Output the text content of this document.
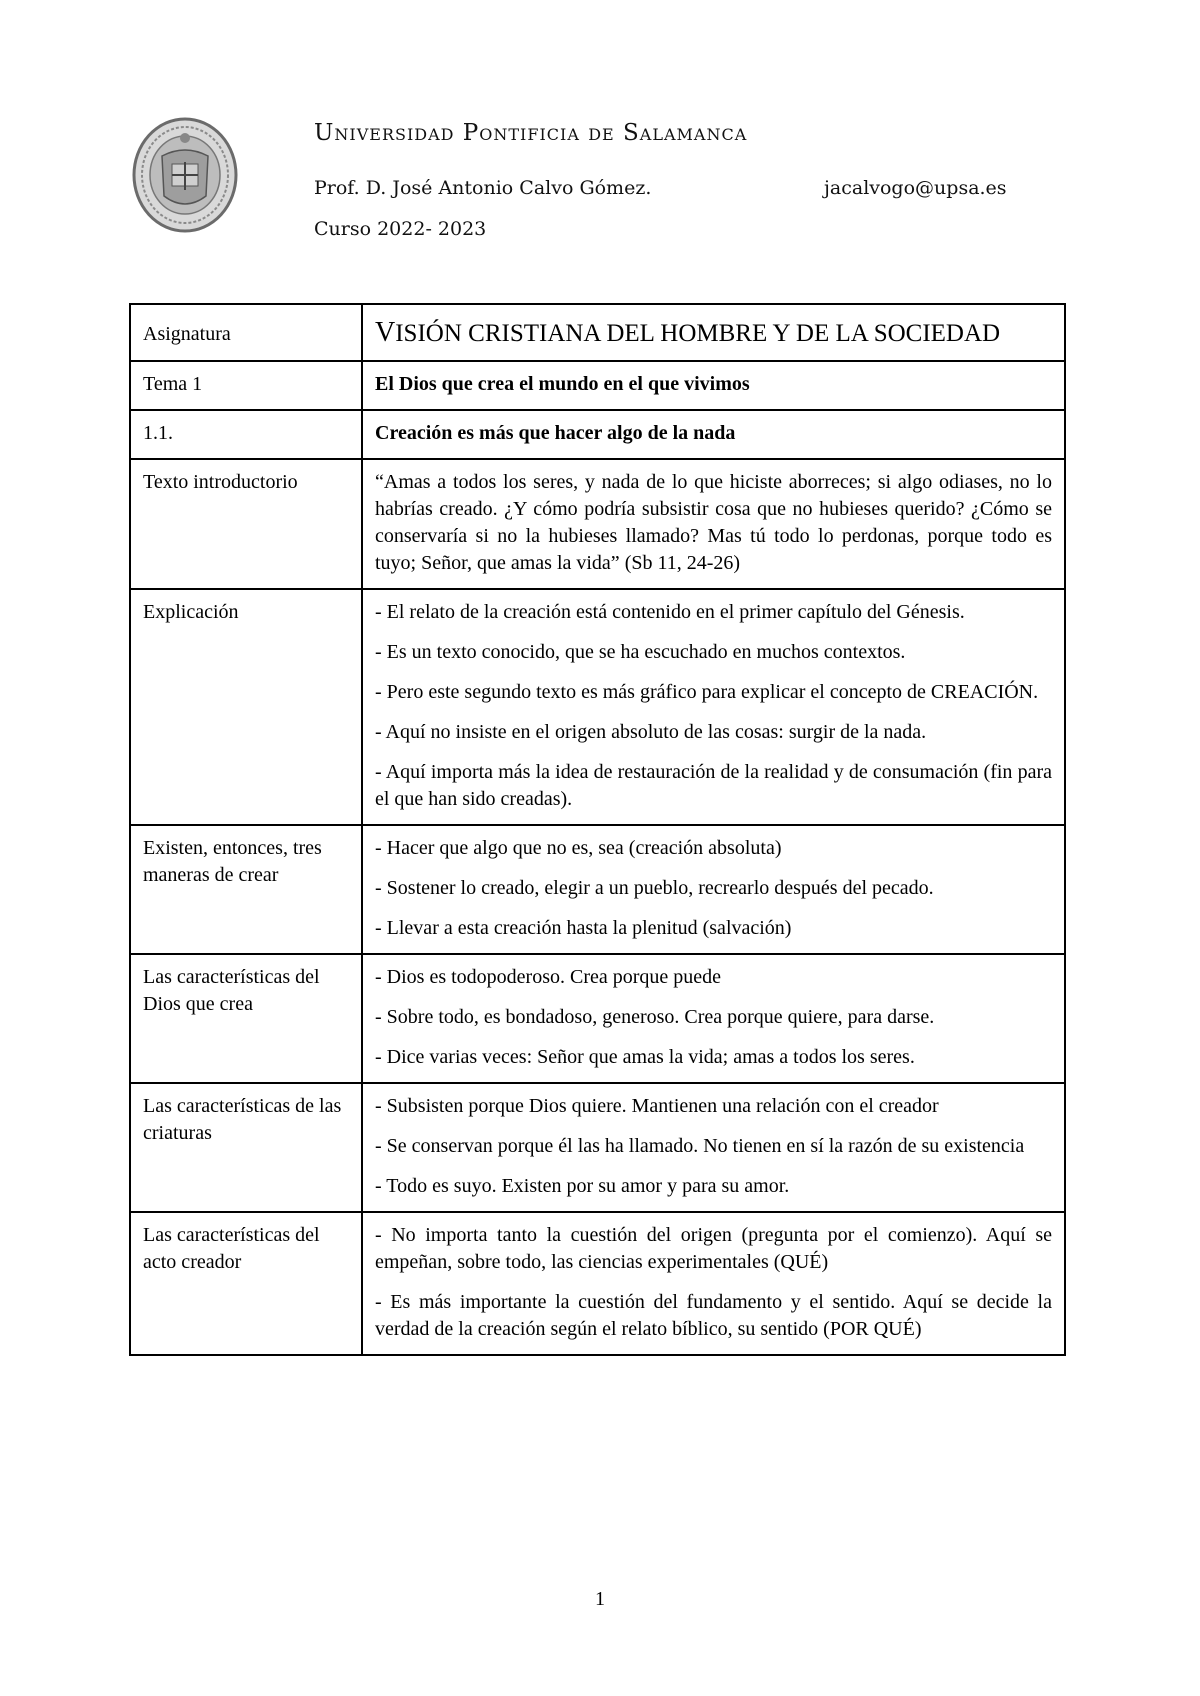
Universidad Pontificia de Salamanca
Prof. D. José Antonio Calvo Gómez.	jacalvogo@upsa.es
Curso 2022- 2023
Asignatura	VISIÓN CRISTIANA DEL HOMBRE Y DE LA SOCIEDAD
Tema 1	El Dios que crea el mundo en el que vivimos
1.1.	Creación es más que hacer algo de la nada
Texto introductorio	“Amas a todos los seres, y nada de lo que hiciste aborreces; si algo odiases, no lo habrías creado. ¿Y cómo podría subsistir cosa que no hubieses querido? ¿Cómo se conservaría si no la hubieses llamado? Mas tú todo lo perdonas, porque todo es tuyo; Señor, que amas la vida” (Sb 11, 24-26)
Explicación	- El relato de la creación está contenido en el primer capítulo del Génesis.
- Es un texto conocido, que se ha escuchado en muchos contextos.
- Pero este segundo texto es más gráfico para explicar el concepto de CREACIÓN.
- Aquí no insiste en el origen absoluto de las cosas: surgir de la nada.
- Aquí importa más la idea de restauración de la realidad y de consumación (fin para el que han sido creadas).

Existen, entonces, tres maneras de crear	- Hacer que algo que no es, sea (creación absoluta)
- Sostener lo creado, elegir a un pueblo, recrearlo después del pecado.
- Llevar a esta creación hasta la plenitud (salvación)

Las características del Dios que crea	- Dios es todopoderoso. Crea porque puede
- Sobre todo, es bondadoso, generoso. Crea porque quiere, para darse.
- Dice varias veces: Señor que amas la vida; amas a todos los seres.

Las características de las criaturas	- Subsisten porque Dios quiere. Mantienen una relación con el creador
- Se conservan porque él las ha llamado. No tienen en sí la razón de su existencia
- Todo es suyo. Existen por su amor y para su amor.

Las características del acto creador	- No importa tanto la cuestión del origen (pregunta por el comienzo). Aquí se empeñan, sobre todo, las ciencias experimentales (QUÉ)
- Es más importante la cuestión del fundamento y el sentido. Aquí se decide la verdad de la creación según el relato bíblico, su sentido (POR QUÉ)
1
